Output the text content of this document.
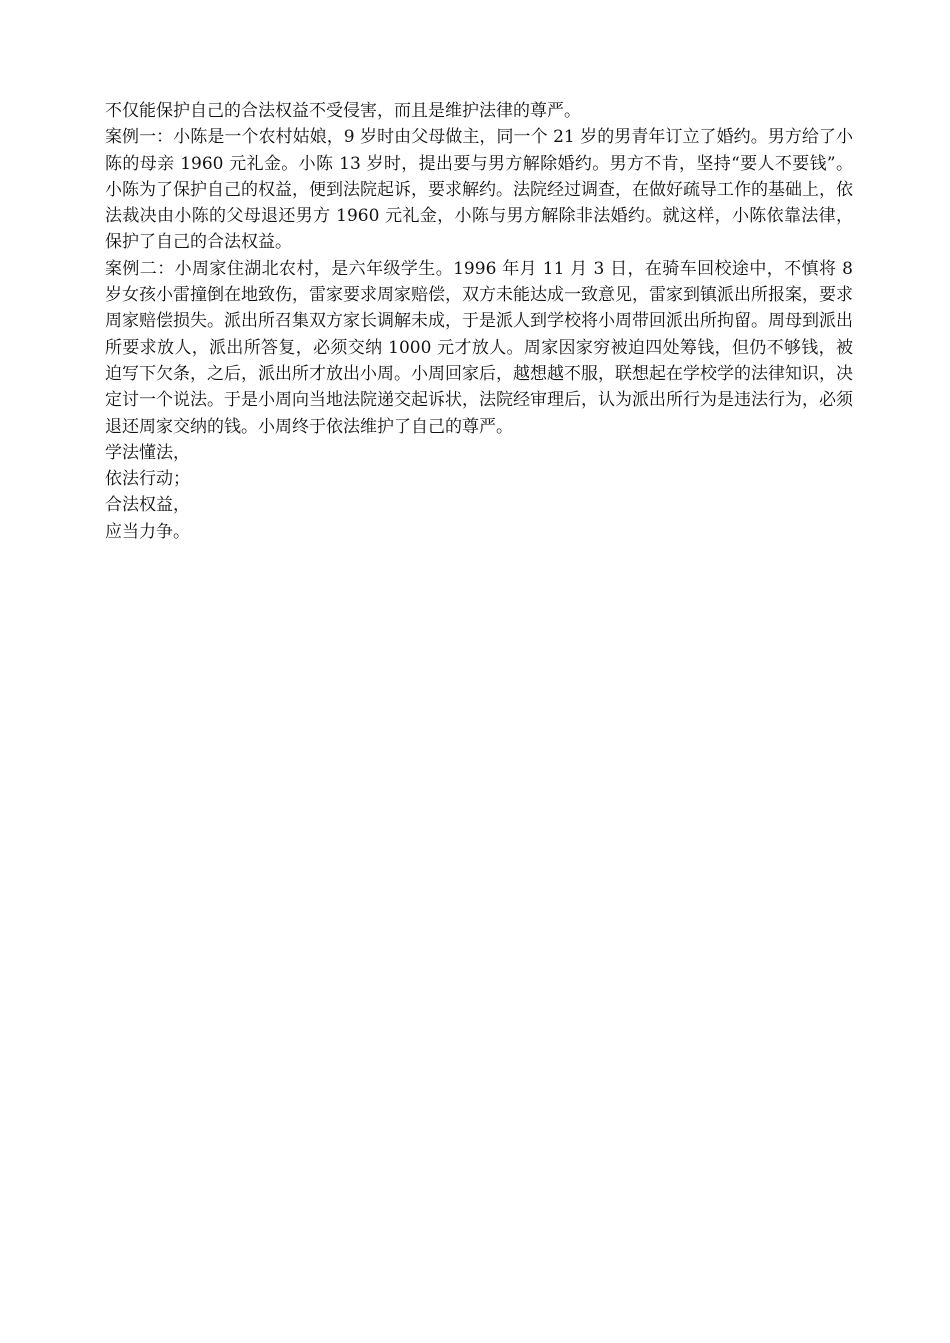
不仅能保护自己的合法权益不受侵害，而且是维护法律的尊严。

案例一：小陈是一个农村姑娘，9 岁时由父母做主，同一个 21 岁的男青年订立了婚约。男方给了小陈的母亲 1960 元礼金。小陈 13 岁时，提出要与男方解除婚约。男方不肯，坚持“要人不要钱”。小陈为了保护自己的权益，便到法院起诉，要求解约。法院经过调查，在做好疏导工作的基础上，依法裁决由小陈的父母退还男方 1960 元礼金，小陈与男方解除非法婚约。就这样，小陈依靠法律，保护了自己的合法权益。

案例二：小周家住湖北农村，是六年级学生。1996 年月 11 月 3 日，在骑车回校途中，不慎将 8 岁女孩小雷撞倒在地致伤，雷家要求周家赔偿，双方未能达成一致意见，雷家到镇派出所报案，要求周家赔偿损失。派出所召集双方家长调解未成，于是派人到学校将小周带回派出所拘留。周母到派出所要求放人，派出所答复，必须交纳 1000 元才放人。周家因家穷被迫四处筹钱，但仍不够钱，被迫写下欠条，之后，派出所才放出小周。小周回家后，越想越不服，联想起在学校学的法律知识，决定讨一个说法。于是小周向当地法院递交起诉状，法院经审理后，认为派出所行为是违法行为，必须退还周家交纳的钱。小周终于依法维护了自己的尊严。

学法懂法，

依法行动；

合法权益，

应当力争。
